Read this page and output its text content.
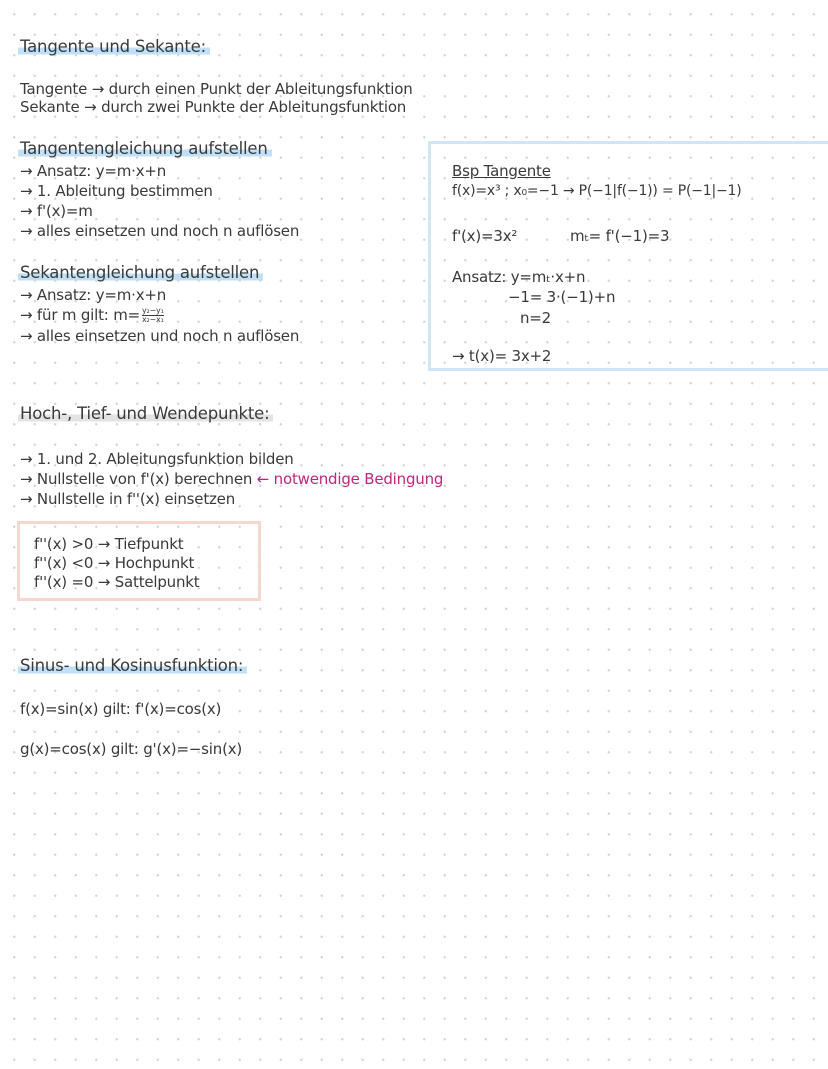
Tangente und Sekante:
Tangente → durch einen Punkt der Ableitungsfunktion
Sekante → durch zwei Punkte der Ableitungsfunktion
Tangentengleichung aufstellen
→ Ansatz: y=m·x+n
→ 1. Ableitung bestimmen
→ f'(x)=m
→ alles einsetzen und noch n auflösen
Sekantengleichung aufstellen
→ Ansatz: y=m·x+n
→ für m gilt: $m= \frac{\text{y₂−y₁}}{\text{x₂−x₁}}$
→ alles einsetzen und noch n auflösen
Bsp Tangente
f(x)=x³ ; x₀=−1 → P(−1|f(−1)) = P(−1|−1)
f'(x)=3x²	mₜ= f'(−1)=3
Ansatz: y=mₜ·x+n
−1= 3·(−1)+n
n=2
→ t(x)= 3x+2
Hoch-, Tief- und Wendepunkte:
→ 1. und 2. Ableitungsfunktion bilden
→ Nullstelle von f'(x) berechnen ← notwendige Bedingung
→ Nullstelle in f''(x) einsetzen
f''(x) >0 → Tiefpunkt
f''(x) <0 → Hochpunkt
f''(x) =0 → Sattelpunkt
Sinus- und Kosinusfunktion:
f(x)=sin(x) gilt: f'(x)=cos(x)
g(x)=cos(x) gilt: g'(x)=−sin(x)
